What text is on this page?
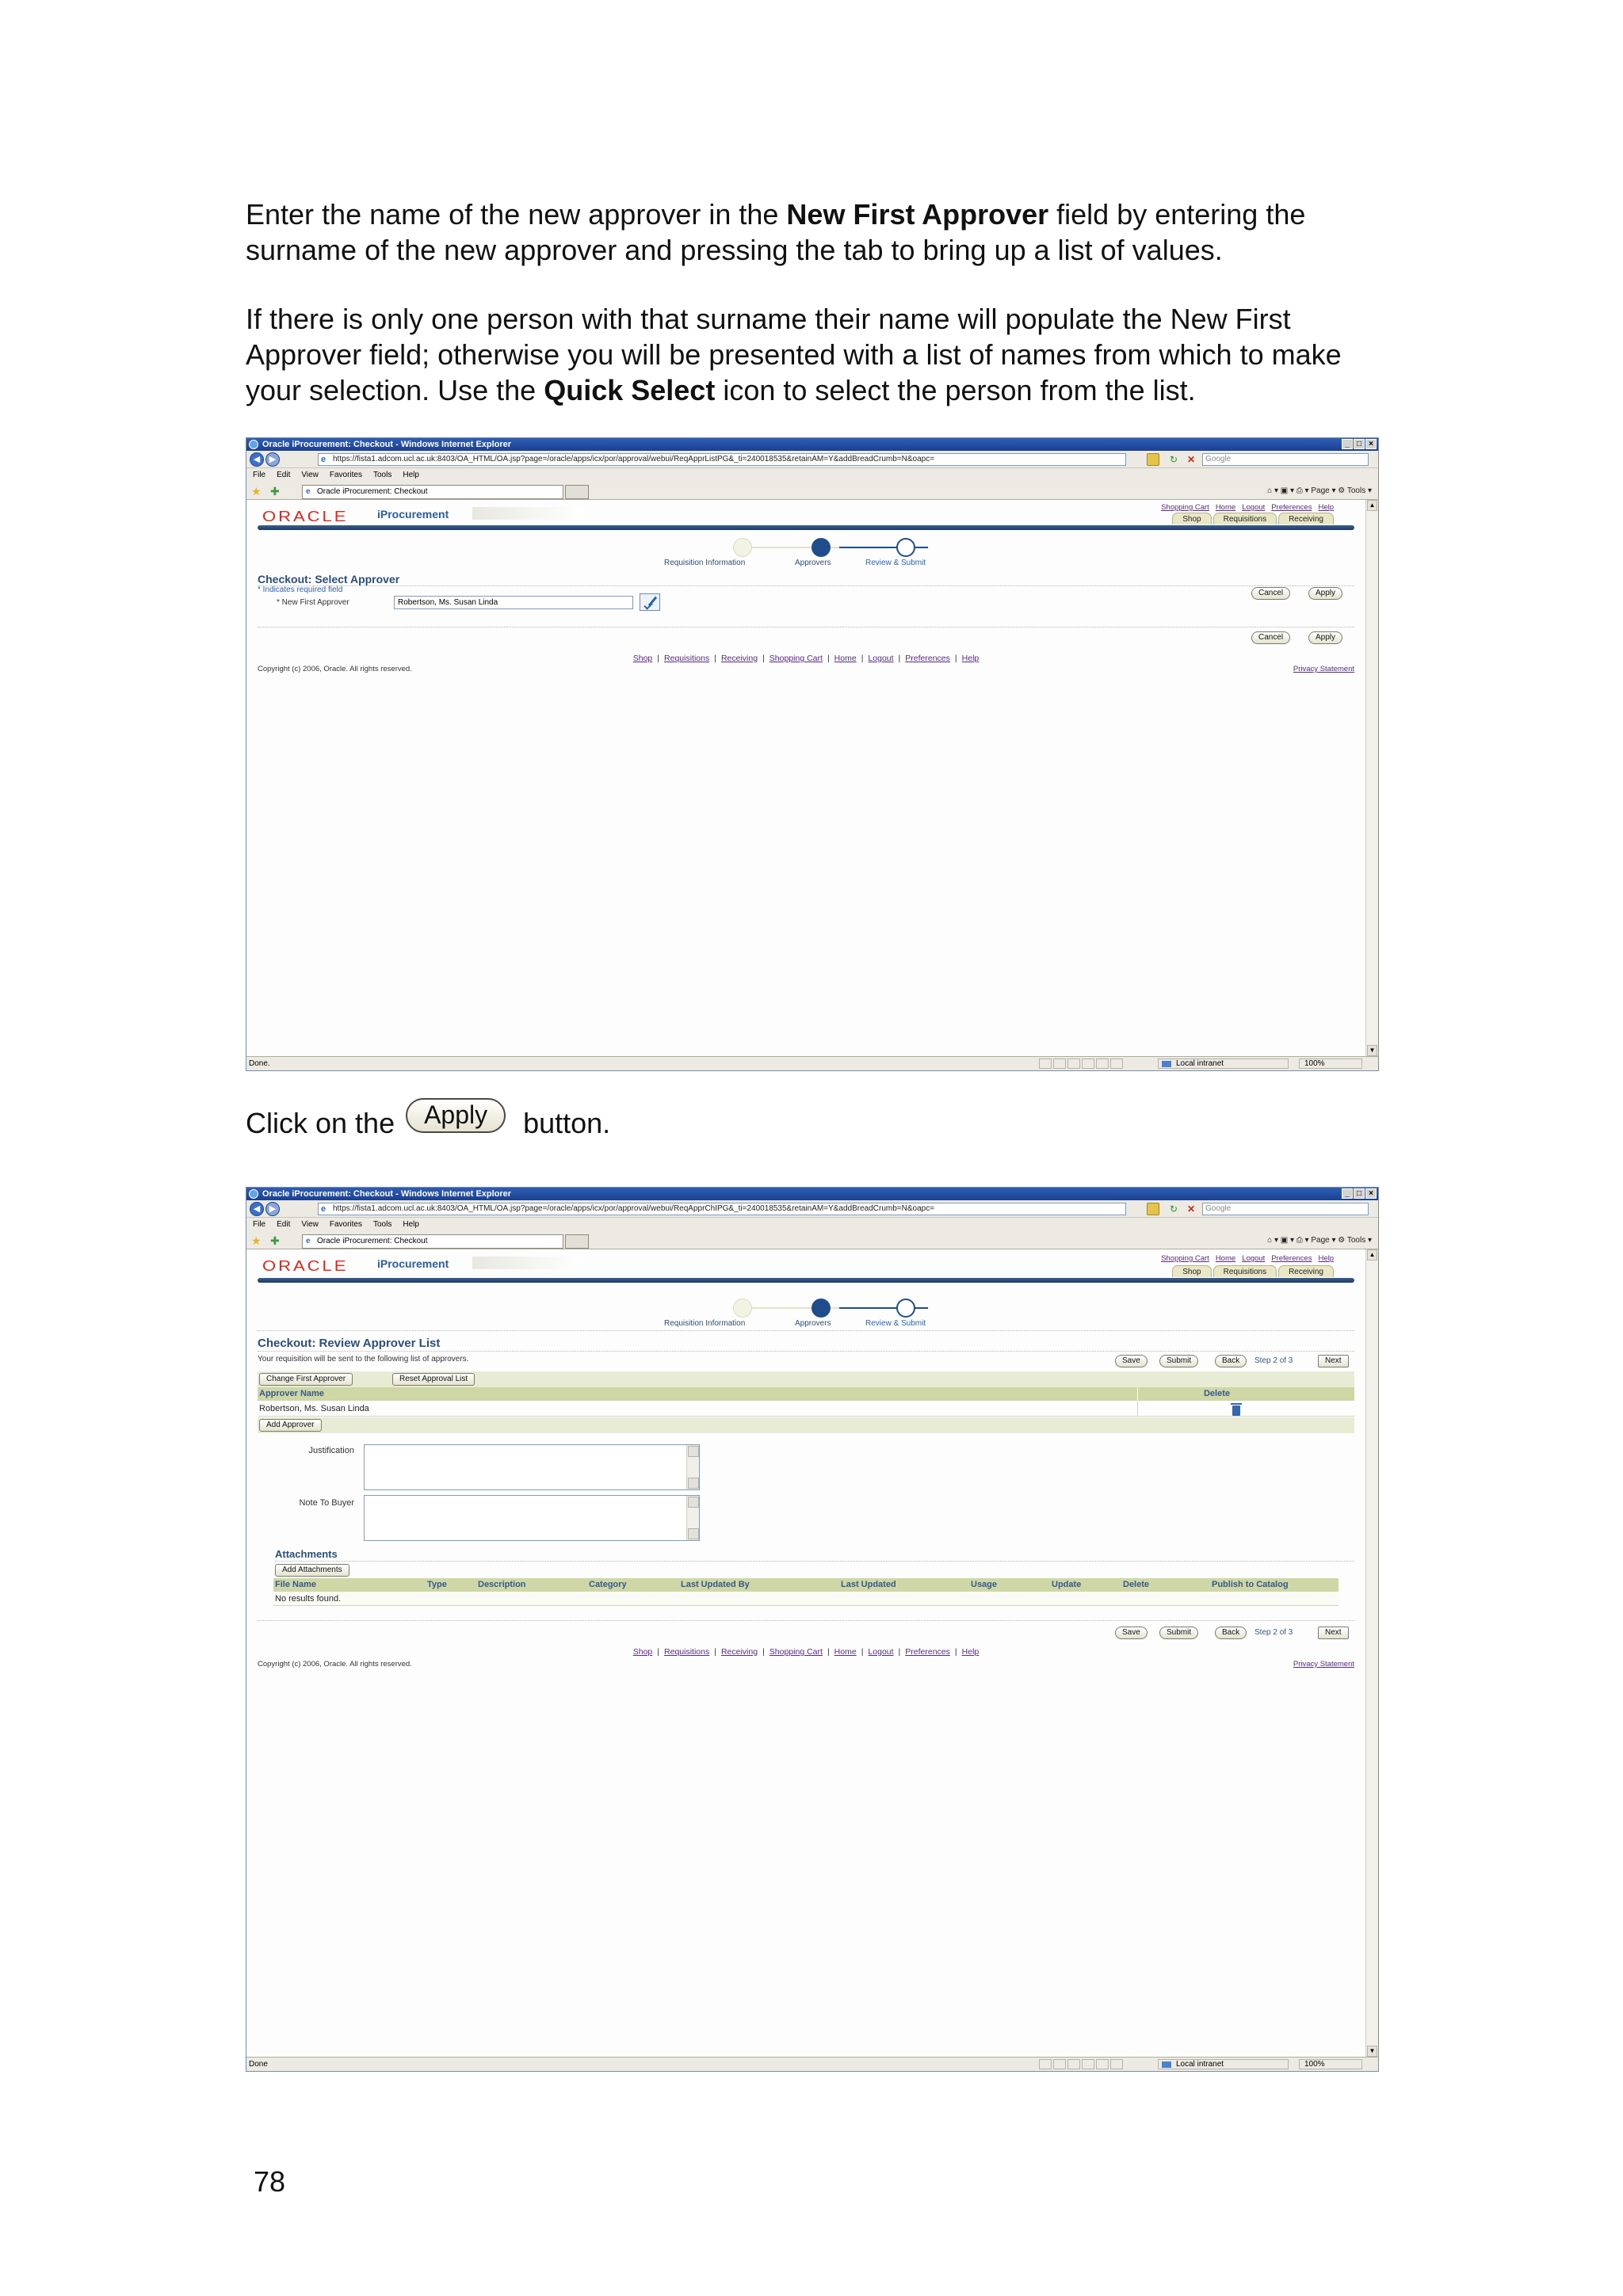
Enter the name of the new approver in the New First Approver field by entering the surname of the new approver and pressing the tab to bring up a list of values.

If there is only one person with that surname their name will populate the New First Approver field; otherwise you will be presented with a list of names from which to make your selection. Use the Quick Select icon to select the person from the list.

Oracle iProcurement: Checkout - Windows Internet Explorer	_ □ ×
◀	▶	e https://fista1.adcom.ucl.ac.uk:8403/OA_HTML/OA.jsp?page=/oracle/apps/icx/por/approval/webui/ReqApprListPG&_ti=240018535&retainAM=Y&addBreadCrumb=N&oapc=	↻ ✕	Google
File Edit View Favorites Tools Help
★ ✚	e Oracle iProcurement: Checkout	⌂ ▾ ▣ ▾ ⎙ ▾ Page ▾ ⚙ Tools ▾
ORACLE	iProcurement
Shopping Cart Home Logout Preferences Help
Shop	Requisitions	Receiving
Requisition Information	Approvers	Review & Submit
Checkout: Select Approver
* Indicates required field	Cancel	Apply
* New First Approver	Robertson, Ms. Susan Linda
Cancel	Apply
Shop | Requisitions | Receiving | Shopping Cart | Home | Logout | Preferences | Help
Copyright (c) 2006, Oracle. All rights reserved.	Privacy Statement
▲
▼
Done.	Local intranet	100%
Click on the Apply button.
Oracle iProcurement: Checkout - Windows Internet Explorer	_ □ ×
◀	▶	e https://fista1.adcom.ucl.ac.uk:8403/OA_HTML/OA.jsp?page=/oracle/apps/icx/por/approval/webui/ReqApprChIPG&_ti=240018535&retainAM=Y&addBreadCrumb=N&oapc=	↻ ✕	Google
File Edit View Favorites Tools Help
★ ✚	e Oracle iProcurement: Checkout	⌂ ▾ ▣ ▾ ⎙ ▾ Page ▾ ⚙ Tools ▾
ORACLE	iProcurement	Shopping Cart Home Logout Preferences Help
Shop	Requisitions	Receiving
Requisition Information	Approvers	Review & Submit
Checkout: Review Approver List
Your requisition will be sent to the following list of approvers.	Save	Submit	Back	Step 2 of 3	Next
Change First Approver	Reset Approval List
Approver Name	Delete
Robertson, Ms. Susan Linda
Add Approver
Justification
Note To Buyer
Attachments
Add Attachments
File Name	Type	Description	Category	Last Updated By	Last Updated	Usage	Update	Delete	Publish to Catalog
No results found.
Save	Submit	Back	Step 2 of 3	Next
Shop | Requisitions | Receiving | Shopping Cart | Home | Logout | Preferences | Help
Copyright (c) 2006, Oracle. All rights reserved.	Privacy Statement
▲
▼
Done	Local intranet	100%
78
